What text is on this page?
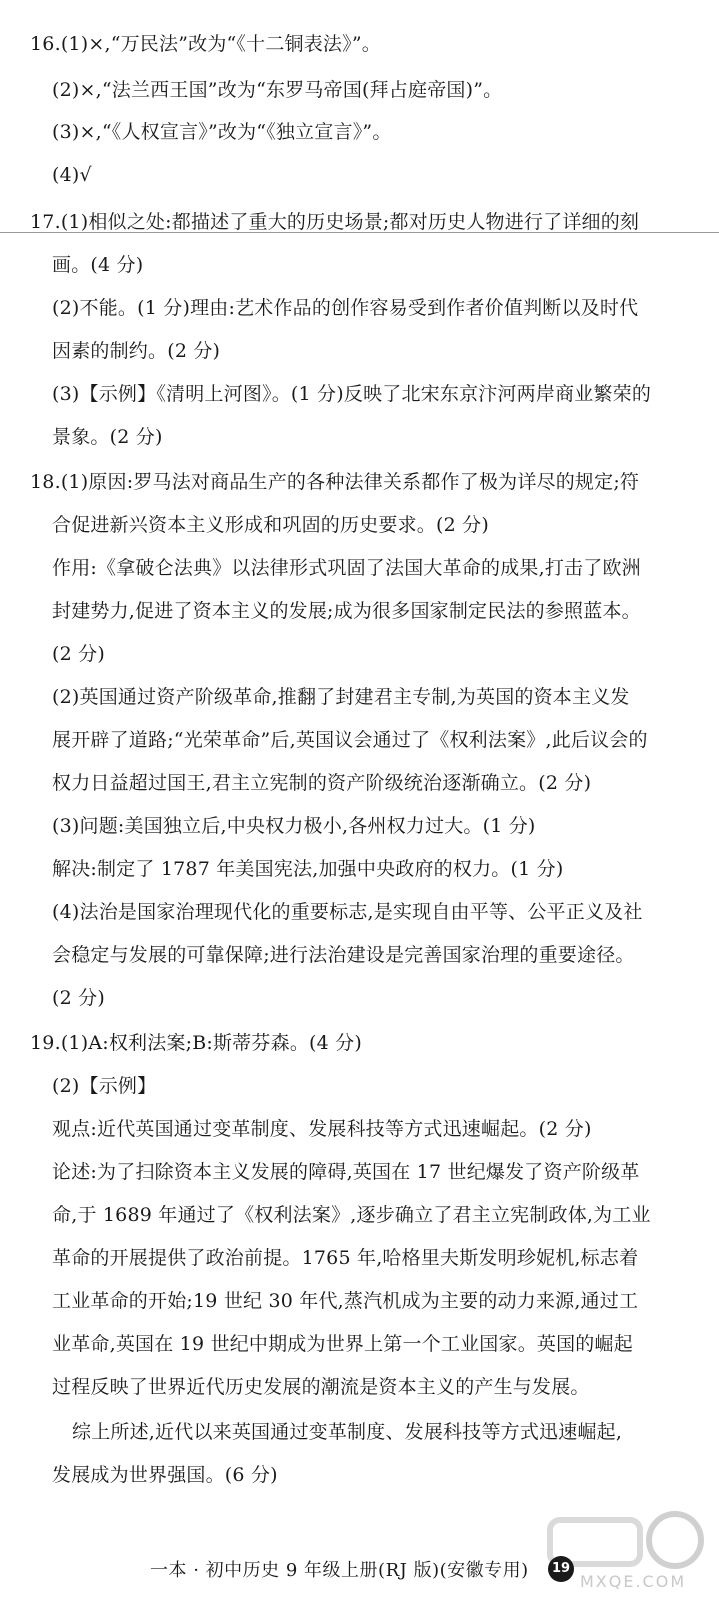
16.(1)×,“万民法”改为“《十二铜表法》”。
(2)×,“法兰西王国”改为“东罗马帝国(拜占庭帝国)”。
(3)×,“《人权宣言》”改为“《独立宣言》”。
(4)√
17.(1)相似之处:都描述了重大的历史场景;都对历史人物进行了详细的刻
画。(4 分)
(2)不能。(1 分)理由:艺术作品的创作容易受到作者价值判断以及时代
因素的制约。(2 分)
(3)【示例】《清明上河图》。(1 分)反映了北宋东京汴河两岸商业繁荣的
景象。(2 分)
18.(1)原因:罗马法对商品生产的各种法律关系都作了极为详尽的规定;符
合促进新兴资本主义形成和巩固的历史要求。(2 分)
作用:《拿破仑法典》以法律形式巩固了法国大革命的成果,打击了欧洲
封建势力,促进了资本主义的发展;成为很多国家制定民法的参照蓝本。
(2 分)
(2)英国通过资产阶级革命,推翻了封建君主专制,为英国的资本主义发
展开辟了道路;“光荣革命”后,英国议会通过了《权利法案》,此后议会的
权力日益超过国王,君主立宪制的资产阶级统治逐渐确立。(2 分)
(3)问题:美国独立后,中央权力极小,各州权力过大。(1 分)
解决:制定了 1787 年美国宪法,加强中央政府的权力。(1 分)
(4)法治是国家治理现代化的重要标志,是实现自由平等、公平正义及社
会稳定与发展的可靠保障;进行法治建设是完善国家治理的重要途径。
(2 分)
19.(1)A:权利法案;B:斯蒂芬森。(4 分)
(2)【示例】
观点:近代英国通过变革制度、发展科技等方式迅速崛起。(2 分)
论述:为了扫除资本主义发展的障碍,英国在 17 世纪爆发了资产阶级革
命,于 1689 年通过了《权利法案》,逐步确立了君主立宪制政体,为工业
革命的开展提供了政治前提。1765 年,哈格里夫斯发明珍妮机,标志着
工业革命的开始;19 世纪 30 年代,蒸汽机成为主要的动力来源,通过工
业革命,英国在 19 世纪中期成为世界上第一个工业国家。英国的崛起
过程反映了世界近代历史发展的潮流是资本主义的产生与发展。
综上所述,近代以来英国通过变革制度、发展科技等方式迅速崛起,
发展成为世界强国。(6 分)
MXQE.COM
一本 · 初中历史 9 年级上册(RJ 版)(安徽专用)	19
